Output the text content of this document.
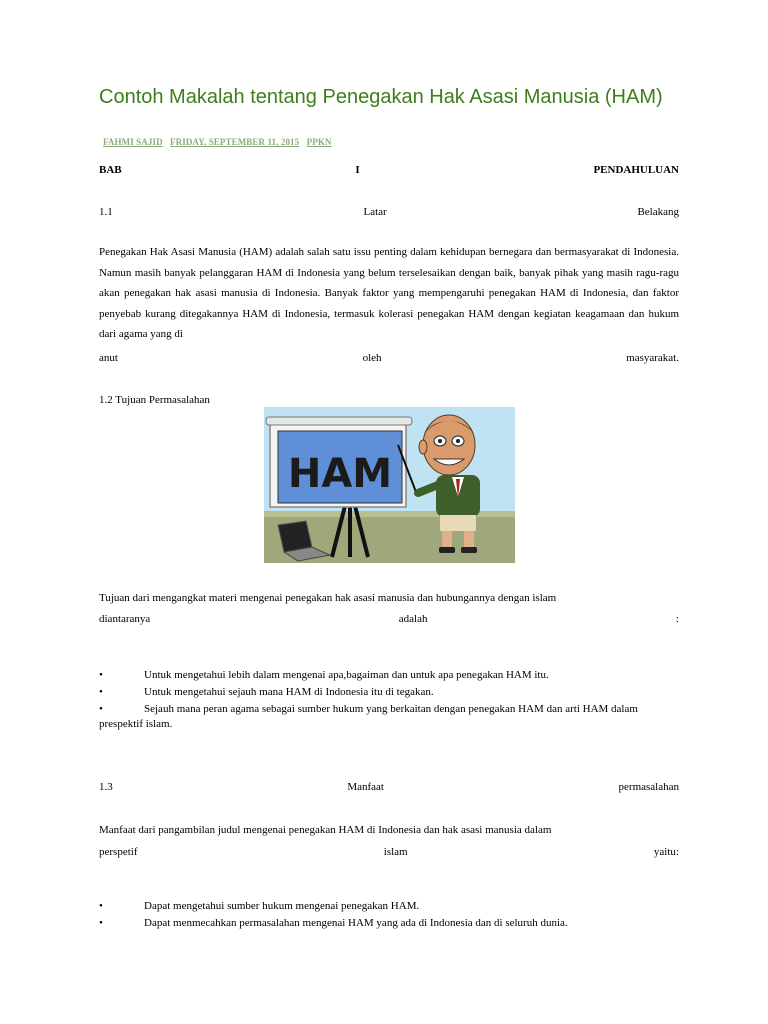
Contoh Makalah tentang Penegakan Hak Asasi Manusia (HAM)
FAHMI SAJID FRIDAY, SEPTEMBER 11, 2015 PPKN
BAB	I	PENDAHULUAN
1.1	Latar	Belakang
Penegakan Hak Asasi Manusia (HAM) adalah salah satu issu penting dalam kehidupan bernegara dan bermasyarakat di Indonesia. Namun masih banyak pelanggaran HAM di Indonesia yang belum terselesaikan dengan baik, banyak pihak yang masih ragu-ragu akan penegakan hak asasi manusia di Indonesia. Banyak faktor yang mempengaruhi penegakan HAM di Indonesia, dan faktor penyebab kurang ditegakannya HAM di Indonesia, termasuk kolerasi penegakan HAM dengan kegiatan keagamaan dan hukum dari agama yang di
anut	oleh	masyarakat.
1.2 Tujuan Permasalahan
Tujuan dari mengangkat materi mengenai penegakan hak asasi manusia dan hubungannya dengan islam
diantaranya	adalah	:
•	Untuk mengetahui lebih dalam mengenai apa,bagaiman dan untuk apa penegakan HAM itu.
•	Untuk mengetahui sejauh mana HAM di Indonesia itu di tegakan.
•	Sejauh mana peran agama sebagai sumber hukum yang berkaitan dengan penegakan HAM dan arti HAM dalam prespektif islam.
1.3	Manfaat	permasalahan
Manfaat dari pangambilan judul mengenai penegakan HAM di Indonesia dan hak asasi manusia dalam
perspetif	islam	yaitu:
•	Dapat mengetahui sumber hukum mengenai penegakan HAM.
•	Dapat menmecahkan permasalahan mengenai HAM yang ada di Indonesia dan di seluruh dunia.
HAM
